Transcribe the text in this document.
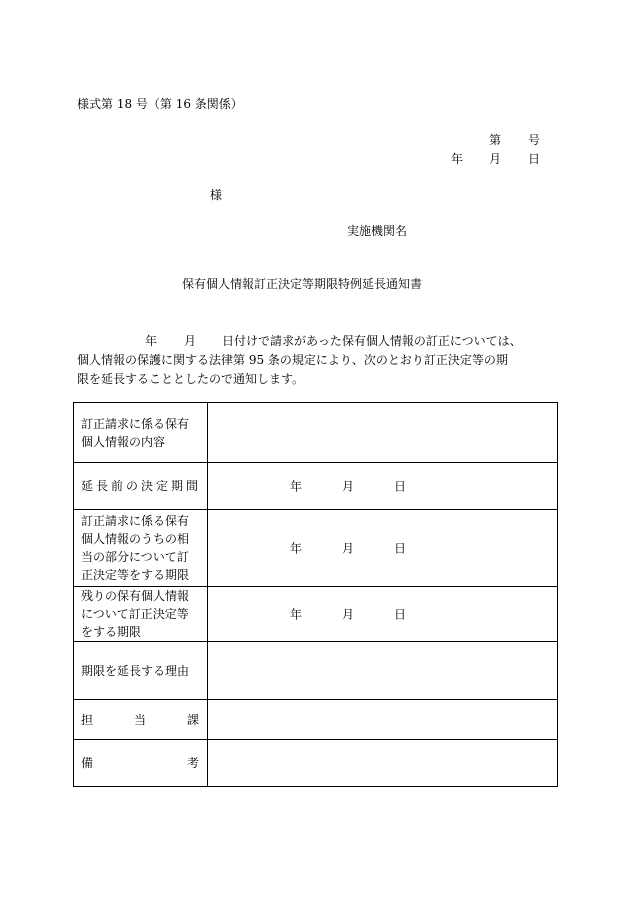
様式第 18 号（第 16 条関係）
第 号
年 月 日
様
実施機関名
保有個人情報訂正決定等期限特例延長通知書
年 月 日付けで請求があった保有個人情報の訂正については、
個人情報の保護に関する法律第 95 条の規定により、次のとおり訂正決定等の期
限を延長することとしたので通知します。
訂正請求に係る保有
個人情報の内容	

延長前の決定期間	年 月 日

訂正請求に係る保有
個人情報のうちの相
当の部分について訂
正決定等をする期限	年 月 日

残りの保有個人情報
について訂正決定等
をする期限	年 月 日

期限を延長する理由	

担 当 課	

備 考	
